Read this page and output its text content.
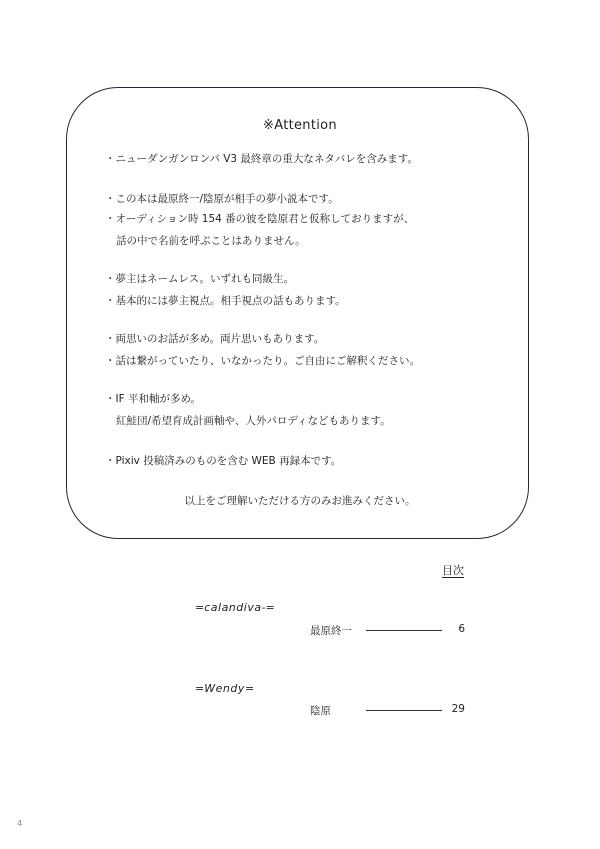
※Attention
・ニューダンガンロンパ V3 最終章の重大なネタバレを含みます。
・この本は最原終一/陰原が相手の夢小説本です。
・オーディション時 154 番の彼を陰原君と仮称しておりますが、
話の中で名前を呼ぶことはありません。
・夢主はネームレス。いずれも同級生。
・基本的には夢主視点。相手視点の話もあります。
・両思いのお話が多め。両片思いもあります。
・話は繋がっていたり、いなかったり。ご自由にご解釈ください。
・IF 平和軸が多め。
紅鮭団/希望育成計画軸や、人外パロディなどもあります。
・Pixiv 投稿済みのものを含む WEB 再録本です。
以上をご理解いただける方のみお進みください。
目次
=calandiva-=
最原終一	6
=Wendy=
陰原	29
4
